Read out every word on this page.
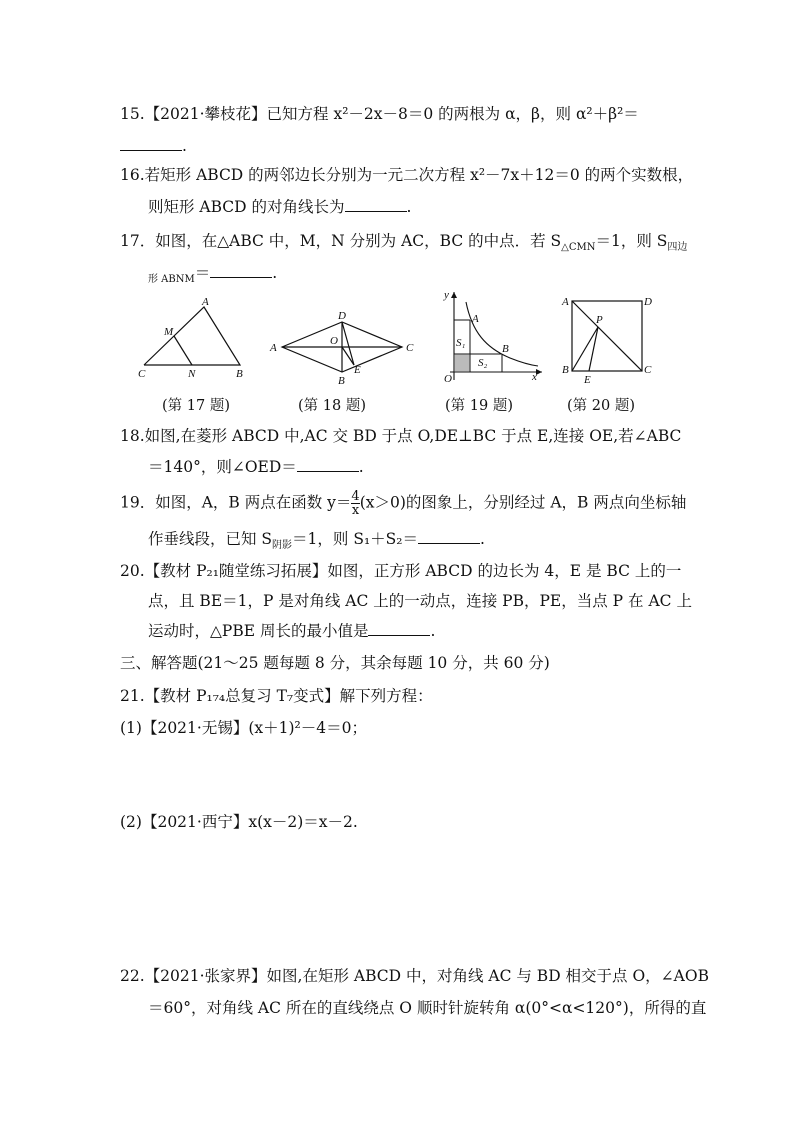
15.【2021·攀枝花】已知方程 x²－2x－8＝0 的两根为 α，β，则 α²＋β²＝
.
16.若矩形 ABCD 的两邻边长分别为一元二次方程 x²－7x＋12＝0 的两个实数根，
则矩形 ABCD 的对角线长为	.
17．如图，在△ABC 中，M，N 分别为 AC，BC 的中点．若 $S_{\triangle CMN}=1$，则 $S_{四边}$
$_{形 ABNM}$＝	.
A
M
C	N	B
(第 17 题)
D
A	C
O
B
E
(第 18 题)
y
A
B
S₁
S₂
O	x
(第 19 题)
A	D
P
B
E
C
(第 20 题)
18.如图,在菱形 ABCD 中,AC 交 BD 于点 O,DE⊥BC 于点 E,连接 OE,若∠ABC
＝140°，则∠OED＝	.
19．如图，A，B 两点在函数 $y= \frac{4}{x} (x>0)$的图象上，分别经过 A，B 两点向坐标轴
作垂线段，已知 $S_{阴影}=1$，则 S₁＋S₂＝	.
20.【教材 P₂₁随堂练习拓展】如图，正方形 ABCD 的边长为 4，E 是 BC 上的一
点，且 BE＝1，P 是对角线 AC 上的一动点，连接 PB，PE，当点 P 在 AC 上
运动时，△PBE 周长的最小值是	.
三、解答题(21～25 题每题 8 分，其余每题 10 分，共 60 分)
21.【教材 P₁₇₄总复习 T₇变式】解下列方程：
(1)【2021·无锡】(x＋1)²－4＝0；
(2)【2021·西宁】x(x－2)＝x－2.
22.【2021·张家界】如图,在矩形 ABCD 中，对角线 AC 与 BD 相交于点 O，∠AOB
＝60°，对角线 AC 所在的直线绕点 O 顺时针旋转角 α(0°<α<120°)，所得的直
